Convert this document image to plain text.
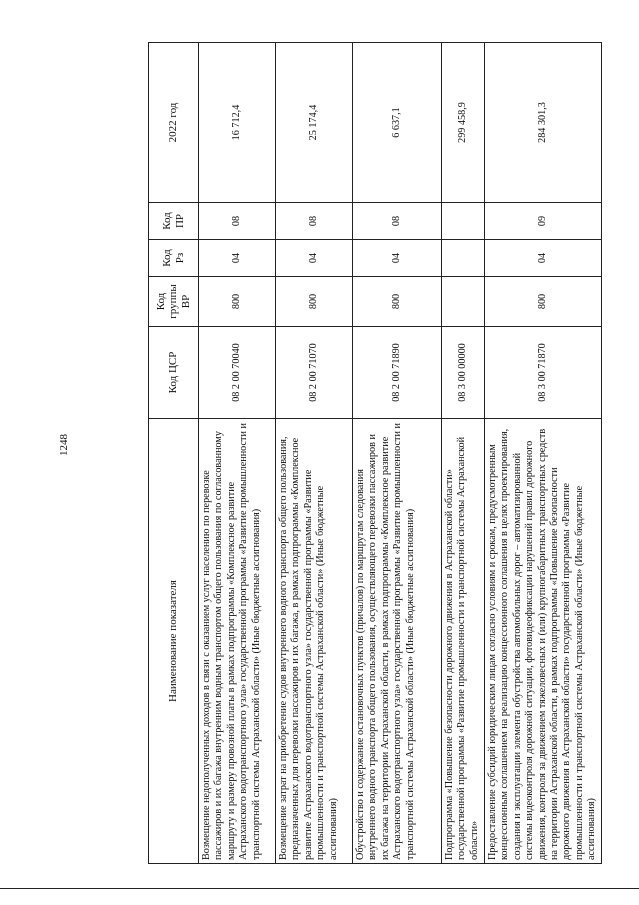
1248
Наименование показателя	Код ЦСР	Код группы ВР	Код Рз	Код ПР	2022 год
Возмещение недополученных доходов в связи с оказанием услуг населению по перевозке пассажиров и их багажа внутренним водным транспортом общего пользования по согласованному маршруту и размеру провозной платы в рамках подпрограммы «Комплексное развитие Астраханского водотранспортного узла» государственной программы «Развитие промышленности и транспортной системы Астраханской области» (Иные бюджетные ассигнования)	08 2 00 70040	800	04	08	16 712,4
Возмещение затрат на приобретение судов внутреннего водного транспорта общего пользования, предназначенных для перевозки пассажиров и их багажа, в рамках подпрограммы «Комплексное развитие Астраханского водотранспортного узла» государственной программы «Развитие промышленности и транспортной системы Астраханской области» (Иные бюджетные ассигнования)	08 2 00 71070	800	04	08	25 174,4
Обустройство и содержание остановочных пунктов (причалов) по маршрутам следования внутреннего водного транспорта общего пользования, осуществляющего перевозки пассажиров и их багажа на территории Астраханской области, в рамках подпрограммы «Комплексное развитие Астраханского водотранспортного узла» государственной программы «Развитие промышленности и транспортной системы Астраханской области» (Иные бюджетные ассигнования)	08 2 00 71890	800	04	08	6 637,1
Подпрограмма «Повышение безопасности дорожного движения в Астраханской области» государственной программы «Развитие промышленности и транспортной системы Астраханской области»	08 3 00 00000				299 458,9
Предоставление субсидий юридическим лицам согласно условиям и срокам, предусмотренным концессионным соглашением на реализацию концессионного соглашения в целях проектирования, создания и эксплуатации элемента обустройства автомобильных дорог – автоматизированной системы видеоконтроля дорожной ситуации, фотовидеофиксации нарушений правил дорожного движения, контроля за движением тяжеловесных и (или) крупногабаритных транспортных средств на территории Астраханской области, в рамках подпрограммы «Повышение безопасности дорожного движения в Астраханской области» государственной программы «Развитие промышленности и транспортной системы Астраханской области» (Иные бюджетные ассигнования)	08 3 00 71870	800	04	09	284 301,3
